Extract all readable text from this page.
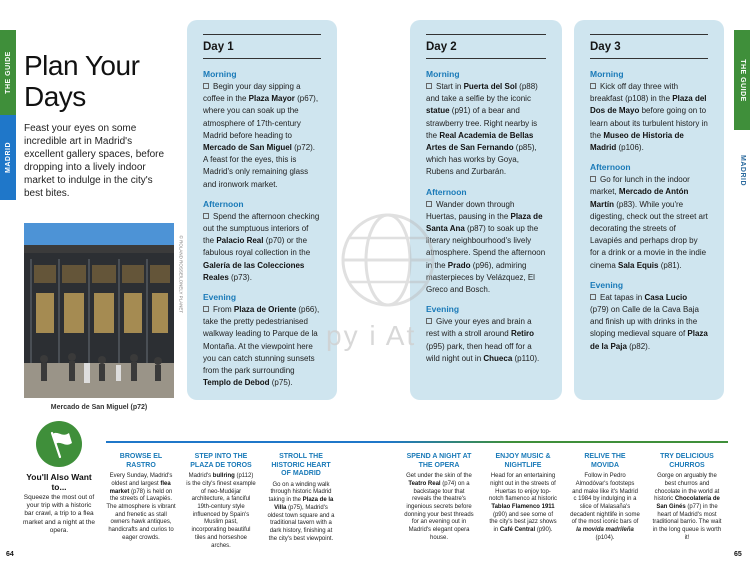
THE GUIDE
MADRID
THE GUIDE
MADRID
Plan Your Days

Feast your eyes on some incredible art in Madrid's excellent gallery spaces, before dropping into a lively indoor market to indulge in the city's best bites.

© ROLAND ROSSE/LONELY PLANET
Mercado de San Miguel (p72)
Day 1
Morning
Begin your day sipping a coffee in the Plaza Mayor (p67), where you can soak up the atmosphere of 17th-century Madrid before heading to Mercado de San Miguel (p72). A feast for the eyes, this is Madrid's only remaining glass and ironwork market.
Afternoon
Spend the afternoon checking out the sumptuous interiors of the Palacio Real (p70) or the fabulous royal collection in the Galería de las Colecciones Reales (p73).
Evening
From Plaza de Oriente (p66), take the pretty pedestrianised walkway leading to Parque de la Montaña. At the viewpoint here you can catch stunning sunsets from the park surrounding Templo de Debod (p75).
Day 2
Morning
Start in Puerta del Sol (p88) and take a selfie by the iconic statue (p91) of a bear and strawberry tree. Right nearby is the Real Academia de Bellas Artes de San Fernando (p85), which has works by Goya, Rubens and Zurbarán.
Afternoon
Wander down through Huertas, pausing in the Plaza de Santa Ana (p87) to soak up the literary neighbourhood's lively atmosphere. Spend the afternoon in the Prado (p96), admiring masterpieces by Velázquez, El Greco and Bosch.
Evening
Give your eyes and brain a rest with a stroll around Retiro (p95) park, then head off for a wild night out in Chueca (p110).
Day 3
Morning
Kick off day three with breakfast (p108) in the Plaza del Dos de Mayo before going on to learn about its turbulent history in the Museo de Historia de Madrid (p106).
Afternoon
Go for lunch in the indoor market, Mercado de Antón Martín (p83). While you're digesting, check out the street art decorating the streets of Lavapiés and perhaps drop by for a drink or a movie in the indie cinema Sala Equis (p81).
Evening
Eat tapas in Casa Lucio (p79) on Calle de la Cava Baja and finish up with drinks in the sloping medieval square of Plaza de la Paja (p82).
py i At
You'll Also Want to...
Squeeze the most out of your trip with a historic bar crawl, a trip to a flea market and a night at the opera.
BROWSE EL RASTRO
Every Sunday, Madrid's oldest and largest flea market (p78) is held on the streets of Lavapiés. The atmosphere is vibrant and frenetic as stall owners hawk antiques, handicrafts and curios to eager crowds.
STEP INTO THE PLAZA DE TOROS
Madrid's bullring (p112) is the city's finest example of neo-Mudéjar architecture, a fanciful 19th-century style influenced by Spain's Muslim past, incorporating beautiful tiles and horseshoe arches.
STROLL THE HISTORIC HEART OF MADRID
Go on a winding walk through historic Madrid taking in the Plaza de la Villa (p75), Madrid's oldest town square and a traditional tavern with a dark history, finishing at the city's best viewpoint.
SPEND A NIGHT AT THE OPERA
Get under the skin of the Teatro Real (p74) on a backstage tour that reveals the theatre's ingenious secrets before donning your best threads for an evening out in Madrid's elegant opera house.
ENJOY MUSIC & NIGHTLIFE
Head for an entertaining night out in the streets of Huertas to enjoy top-notch flamenco at historic Tablao Flamenco 1911 (p90) and see some of the city's best jazz shows in Café Central (p90).
RELIVE THE MOVIDA
Follow in Pedro Almodóvar's footsteps and make like it's Madrid c 1984 by indulging in a slice of Malasaña's decadent nightlife in some of the most iconic bars of la movida madrileña (p104).
TRY DELICIOUS CHURROS
Gorge on arguably the best churros and chocolate in the world at historic Chocolatería de San Ginés (p77) in the heart of Madrid's most traditional barrio. The wait in the long queue is worth it!
64	65
